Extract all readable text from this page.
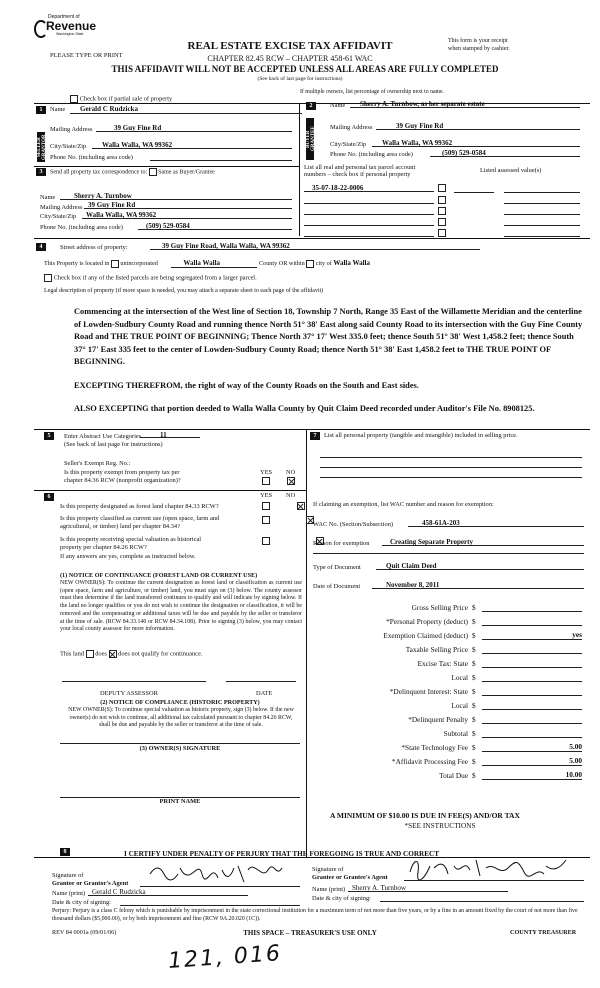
Department of
Revenue
Washington State
PLEASE TYPE OR PRINT
REAL ESTATE EXCISE TAX AFFIDAVIT
CHAPTER 82.45 RCW – CHAPTER 458-61 WAC
This form is your receipt
when stamped by cashier.
THIS AFFIDAVIT WILL NOT BE ACCEPTED UNLESS ALL AREAS ARE FULLY COMPLETED
(See back of last page for instructions)
Check box if partial sale of property
If multiple owners, list percentage of ownership next to name.
1
SELLER GRANTOR
Name	Gerald C Rudzicka
Mailing Address	39 Guy Fine Rd
City/State/Zip	Walla Walla, WA 99362
Phone No. (including area code)
2
BUYER GRANTEE
Name	Sherry A. Turnbow, as her separate estate
Mailing Address	39 Guy Fine Rd
City/State/Zip	Walla Walla, WA 99362
Phone No. (including area code)	(509) 529-0584
3	Send all property tax correspondence to: Same as Buyer/Grantee
Name	Sherry A. Turnbow
Mailing Address 39 Guy Fine Rd
City/State/Zip	Walla Walla, WA 99362
Phone No. (including area code)	(509) 529-0584
List all real and personal tax parcel account
numbers – check box if personal property
Listed assessed value(s)
35-07-18-22-0006
4	Street address of property:	39 Guy Fine Road, Walla Walla, WA 99362
This Property is located in unincorporated	Walla Walla	County OR within city of Walla Walla
Check box if any of the listed parcels are being segregated from a larger parcel.
Legal description of property (if more space is needed, you may attach a separate sheet to each page of the affidavit)
Commencing at the intersection of the West line of Section 18, Township 7 North, Range 35 East of the Willamette Meridian and the centerline of Lowden-Sudbury County Road and running thence North 51° 38' East along said County Road to its intersection with the Guy Fine County Road and THE TRUE POINT OF BEGINNING; Thence North 37° 17' West 335.0 feet; thence South 51° 38' West 1,458.2 feet; thence South 37° 17' East 335 feet to the center of Lowden-Sudbury County Road; thence North 51° 38' East 1,458.2 feet to THE TRUE POINT OF BEGINNING.
EXCEPTING THEREFROM, the right of way of the County Roads on the South and East sides.
ALSO EXCEPTING that portion deeded to Walla Walla County by Quit Claim Deed recorded under Auditor's File No. 8908125.
5	Enter Abstract Use Categories	11
(See back of last page for instructions)
Seller's Exempt Reg. No.:
Is this property exempt from property tax per
chapter 84.36 RCW (nonprofit organization)?
YES NO

6	YES NO
Is this property designated as forest land chapter 84.33 RCW?

Is this property classified as current use (open space, farm and
agricultural, or timber) land per chapter 84.34?

Is this property receiving special valuation as historical
property per chapter 84.26 RCW?
If any answers are yes, complete as instructed below.
(1) NOTICE OF CONTINUANCE (FOREST LAND OR CURRENT USE)
NEW OWNER(S): To continue the current designation as forest land or classification as current use (open space, farm and agriculture, or timber) land, you must sign on (3) below. The county assessor must then determine if the land transferred continues to qualify and will indicate by signing below. If the land no longer qualifies or you do not wish to continue the designation or classification, it will be removed and the compensating or additional taxes will be due and payable by the seller or transferor at the time of sale. (RCW 84.33.140 or RCW 84.34.108). Prior to signing (3) below, you may contact your local county assessor for more information.
This land does does not qualify for continuance.
DEPUTY ASSESSOR	DATE
(2) NOTICE OF COMPLIANCE (HISTORIC PROPERTY)
NEW OWNER(S): To continue special valuation as historic property, sign (3) below. If the new owner(s) do not wish to continue, all additional tax calculated pursuant to chapter 84.26 RCW, shall be due and payable by the seller or transferor at the time of sale.
(3) OWNER(S) SIGNATURE
PRINT NAME
7	List all personal property (tangible and intangible) included in selling price.
If claiming an exemption, list WAC number and reason for exemption:
WAC No. (Section/Subsection)	458-61A-203
Reason for exemption	Creating Separate Property
Type of Document	Quit Claim Deed
Date of Document	November 8, 2011
Gross Selling Price $
*Personal Property (deduct) $
Exemption Claimed (deduct) $	yes
Taxable Selling Price $
Excise Tax: State $
Local $
*Delinquent Interest: State $
Local $
*Delinquent Penalty $
Subtotal $
*State Technology Fee $	5.00
*Affidavit Processing Fee $	5.00
Total Due $	10.00
A MINIMUM OF $10.00 IS DUE IN FEE(S) AND/OR TAX
*SEE INSTRUCTIONS
8	I CERTIFY UNDER PENALTY OF PERJURY THAT THE FOREGOING IS TRUE AND CORRECT
Signature of
Grantor or Grantor's Agent
Name (print) Gerald C Rudzicka
Date & city of signing:
Signature of
Grantee or Grantee's Agent
Name (print) Sherry A. Turnbow
Date & city of signing:
Perjury: Perjury is a class C felony which is punishable by imprisonment in the state correctional institution for a maximum term of not more than five years, or by a fine in an amount fixed by the court of not more than five thousand dollars ($5,000.00), or by both imprisonment and fine (RCW 9A.20.020 (1C)).
REV 84 0001a (09/01/06)	THIS SPACE – TREASURER'S USE ONLY	COUNTY TREASURER
121, 016
